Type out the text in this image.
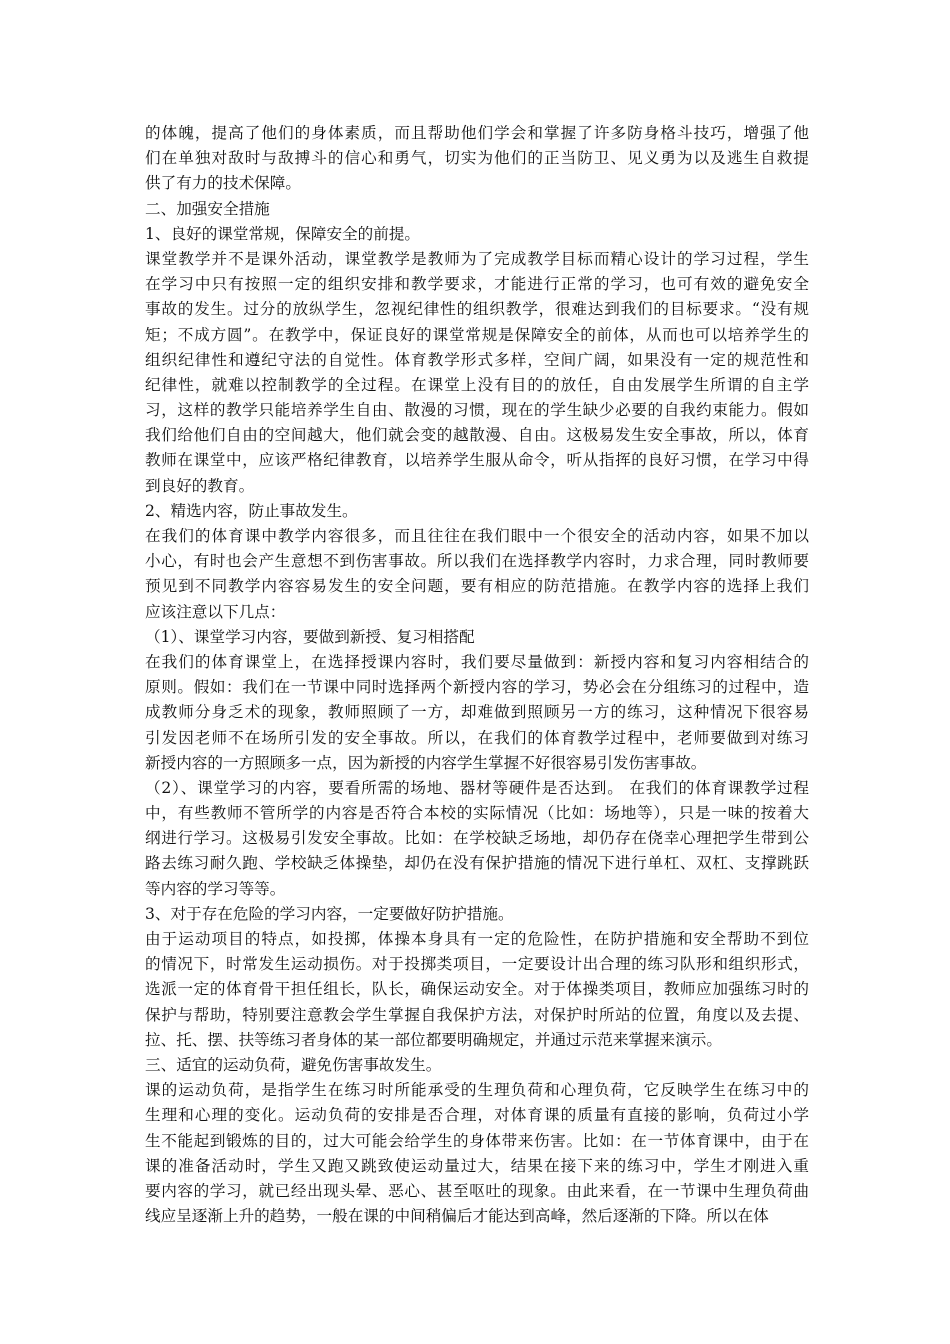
的体魄，提高了他们的身体素质，而且帮助他们学会和掌握了许多防身格斗技巧，增强了他
们在单独对敌时与敌搏斗的信心和勇气，切实为他们的正当防卫、见义勇为以及逃生自救提
供了有力的技术保障。
二、加强安全措施
1、良好的课堂常规，保障安全的前提。
课堂教学并不是课外活动，课堂教学是教师为了完成教学目标而精心设计的学习过程，学生
在学习中只有按照一定的组织安排和教学要求，才能进行正常的学习，也可有效的避免安全
事故的发生。过分的放纵学生，忽视纪律性的组织教学，很难达到我们的目标要求。“没有规
矩；不成方圆”。在教学中，保证良好的课堂常规是保障安全的前体，从而也可以培养学生的
组织纪律性和遵纪守法的自觉性。体育教学形式多样，空间广阔，如果没有一定的规范性和
纪律性，就难以控制教学的全过程。在课堂上没有目的的放任，自由发展学生所谓的自主学
习，这样的教学只能培养学生自由、散漫的习惯，现在的学生缺少必要的自我约束能力。假如
我们给他们自由的空间越大，他们就会变的越散漫、自由。这极易发生安全事故，所以，体育
教师在课堂中，应该严格纪律教育，以培养学生服从命令，听从指挥的良好习惯，在学习中得
到良好的教育。
2、精选内容，防止事故发生。
在我们的体育课中教学内容很多，而且往往在我们眼中一个很安全的活动内容，如果不加以
小心，有时也会产生意想不到伤害事故。所以我们在选择教学内容时，力求合理，同时教师要
预见到不同教学内容容易发生的安全问题，要有相应的防范措施。在教学内容的选择上我们
应该注意以下几点：
（1）、课堂学习内容，要做到新授、复习相搭配
在我们的体育课堂上，在选择授课内容时，我们要尽量做到：新授内容和复习内容相结合的
原则。假如：我们在一节课中同时选择两个新授内容的学习，势必会在分组练习的过程中，造
成教师分身乏术的现象，教师照顾了一方，却难做到照顾另一方的练习，这种情况下很容易
引发因老师不在场所引发的安全事故。所以，在我们的体育教学过程中，老师要做到对练习
新授内容的一方照顾多一点，因为新授的内容学生掌握不好很容易引发伤害事故。
（2）、课堂学习的内容，要看所需的场地、器材等硬件是否达到。 在我们的体育课教学过程
中，有些教师不管所学的内容是否符合本校的实际情况（比如：场地等），只是一味的按着大
纲进行学习。这极易引发安全事故。比如：在学校缺乏场地，却仍存在侥幸心理把学生带到公
路去练习耐久跑、学校缺乏体操垫，却仍在没有保护措施的情况下进行单杠、双杠、支撑跳跃
等内容的学习等等。
3、对于存在危险的学习内容，一定要做好防护措施。
由于运动项目的特点，如投掷，体操本身具有一定的危险性，在防护措施和安全帮助不到位
的情况下，时常发生运动损伤。对于投掷类项目，一定要设计出合理的练习队形和组织形式，
选派一定的体育骨干担任组长，队长，确保运动安全。对于体操类项目，教师应加强练习时的
保护与帮助，特别要注意教会学生掌握自我保护方法，对保护时所站的位置，角度以及去提、
拉、托、摆、扶等练习者身体的某一部位都要明确规定，并通过示范来掌握来演示。
三、适宜的运动负荷，避免伤害事故发生。
课的运动负荷，是指学生在练习时所能承受的生理负荷和心理负荷，它反映学生在练习中的
生理和心理的变化。运动负荷的安排是否合理，对体育课的质量有直接的影响，负荷过小学
生不能起到锻炼的目的，过大可能会给学生的身体带来伤害。比如：在一节体育课中，由于在
课的准备活动时，学生又跑又跳致使运动量过大，结果在接下来的练习中，学生才刚进入重
要内容的学习，就已经出现头晕、恶心、甚至呕吐的现象。由此来看，在一节课中生理负荷曲
线应呈逐渐上升的趋势，一般在课的中间稍偏后才能达到高峰，然后逐渐的下降。所以在体
